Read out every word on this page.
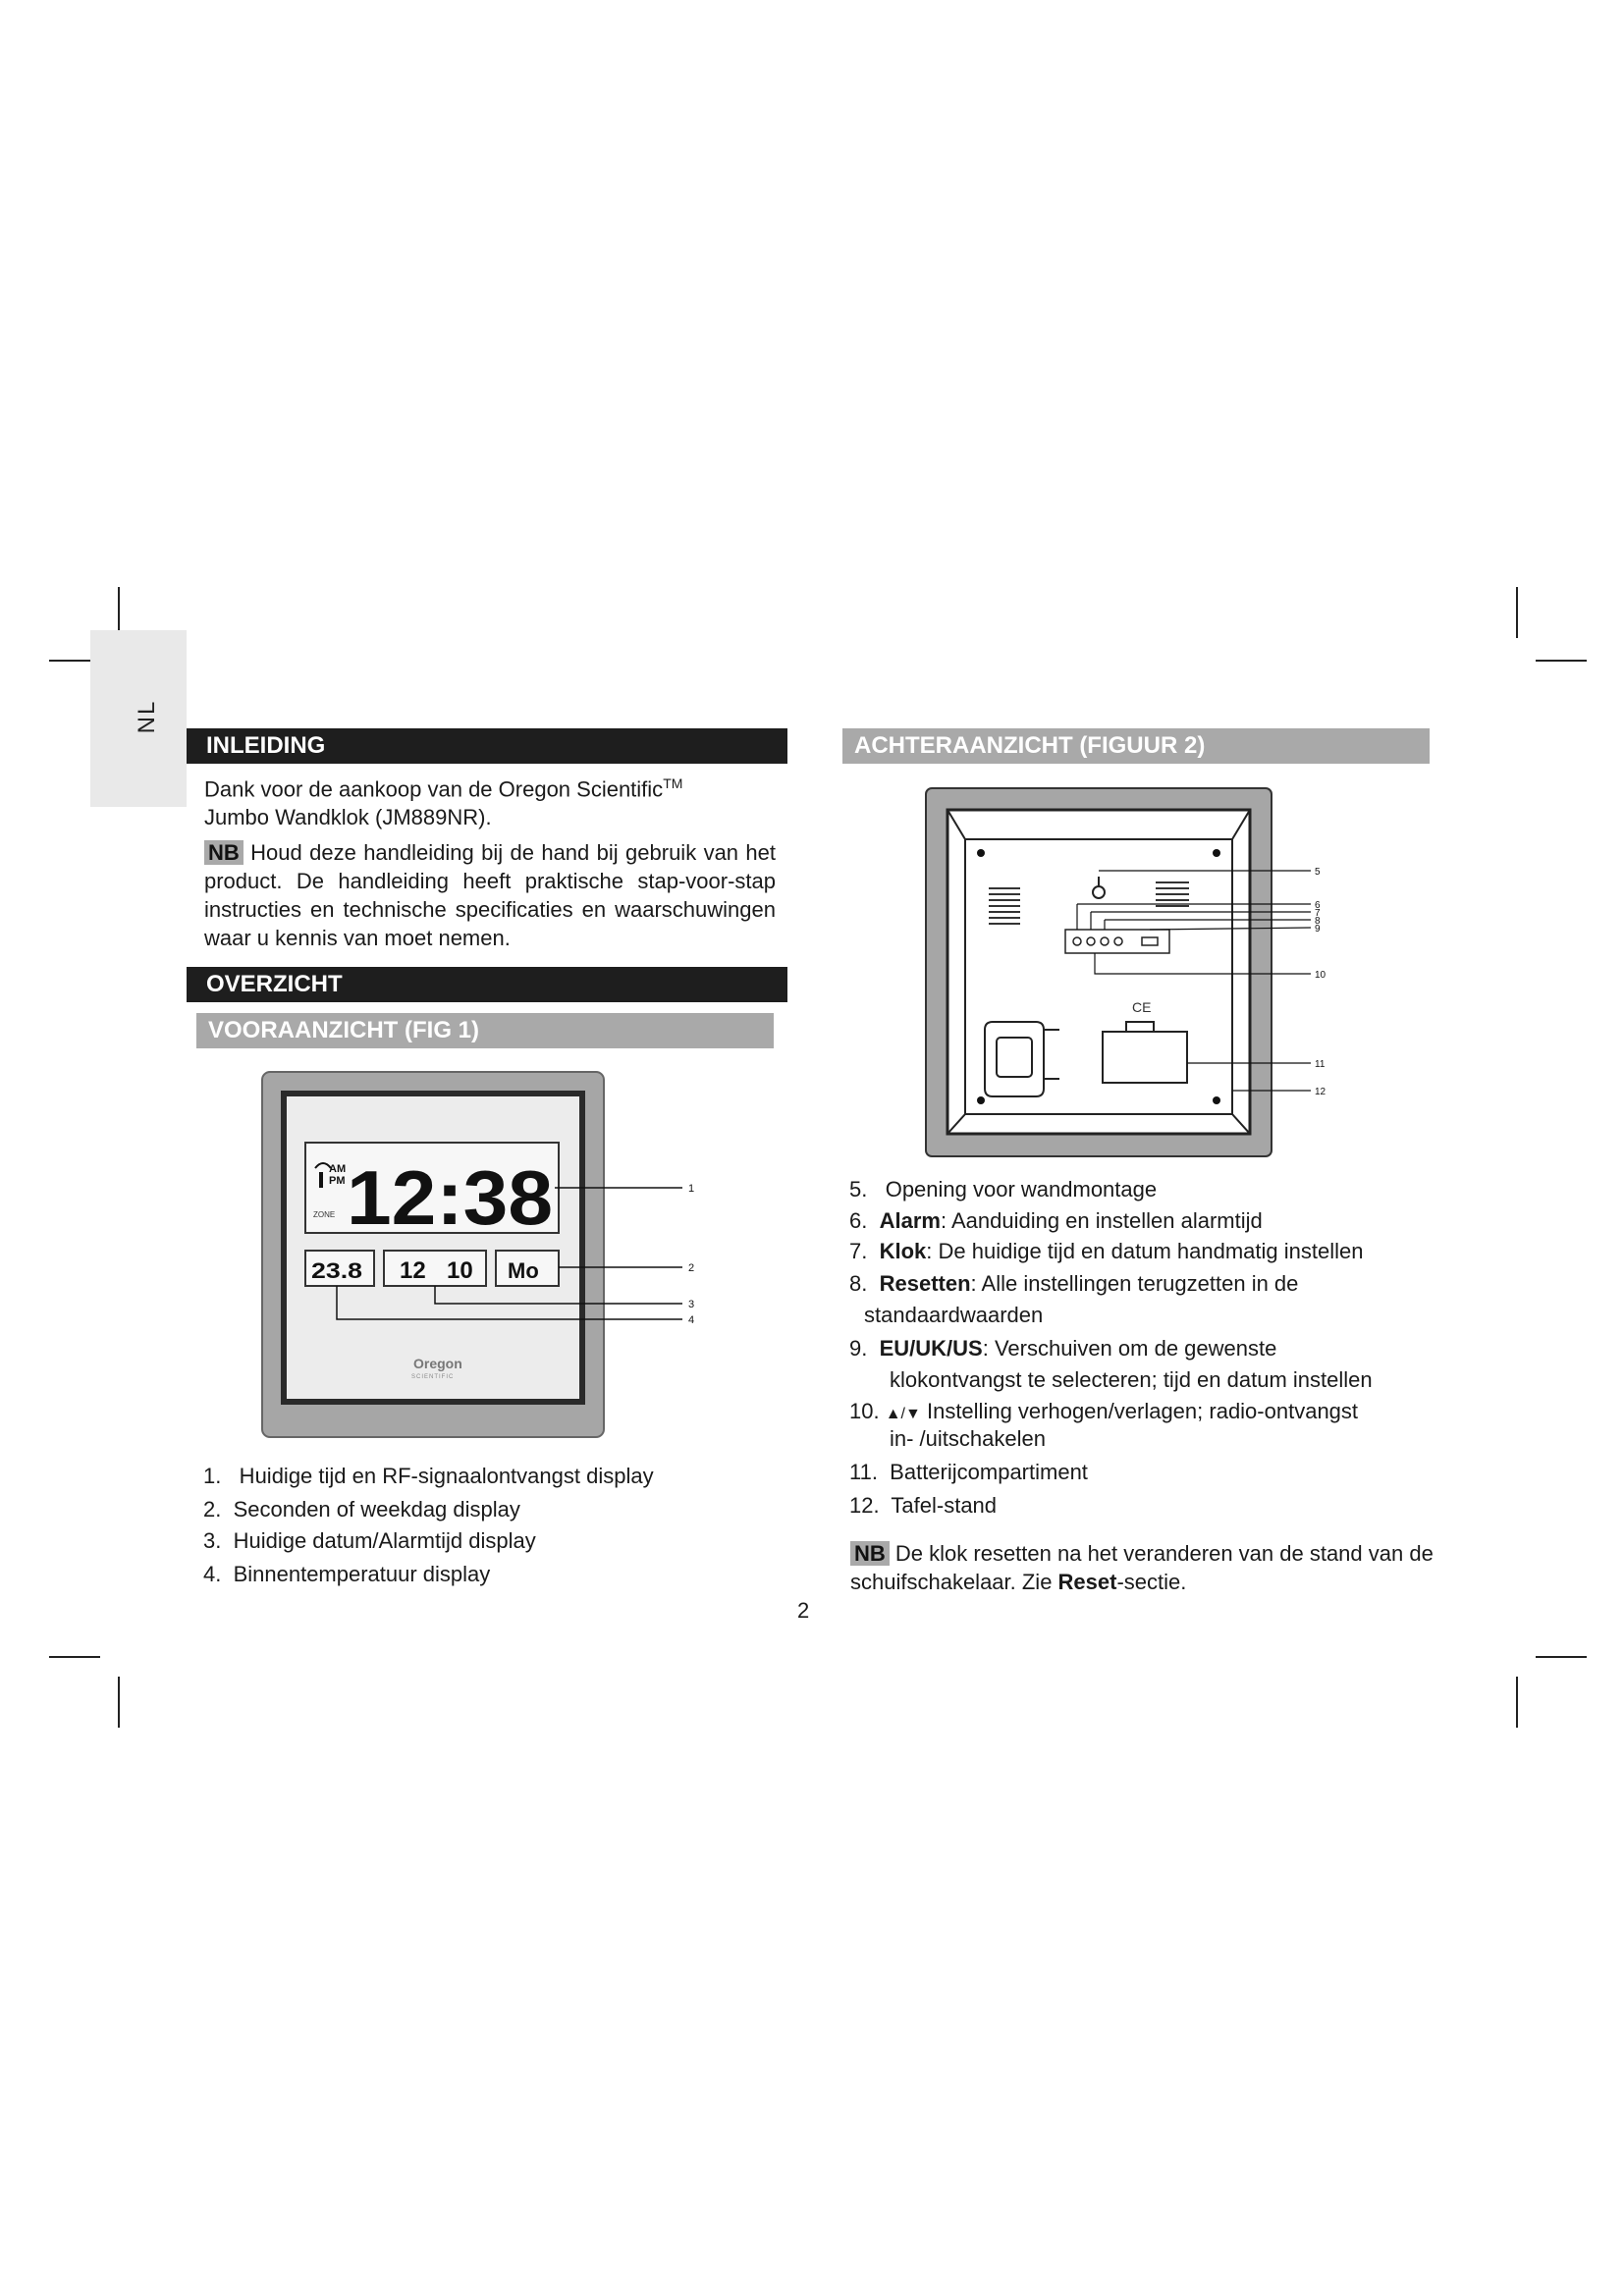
NL
INLEIDING
Dank voor de aankoop van de Oregon Scientific™
Jumbo Wandklok (JM889NR).
NB Houd deze handleiding bij de hand bij gebruik van het product. De handleiding heeft praktische stap-voor-stap instructies en technische specificaties en waarschuwingen waar u kennis van moet nemen.
OVERZICHT
VOORAANZICHT (FIG 1)
AM
PM
ZONE 12:38
23.8 12 10 Mo
Oregon
SCIENTIFIC
1
2
3
4
1.   Huidige tijd en RF-signaalontvangst display
2.  Seconden of weekdag display
3.  Huidige datum/Alarmtijd display
4.  Binnentemperatuur display
ACHTERAANZICHT (FIGUUR 2)
CE
5
6
7
8
9
10
11
12
5. Opening voor wandmontage
6. Alarm: Aanduiding en instellen alarmtijd
7. Klok: De huidige tijd en datum handmatig instellen
8. Resetten: Alle instellingen terugzetten in de
standaardwaarden
9. EU/UK/US: Verschuiven om de gewenste
klokontvangst te selecteren; tijd en datum instellen
10. ▲/▼ Instelling verhogen/verlagen; radio-ontvangst
in- /uitschakelen
11.  Batterijcompartiment
12.  Tafel-stand
NB De klok resetten na het veranderen van de stand van de schuifschakelaar. Zie Reset-sectie.
2
